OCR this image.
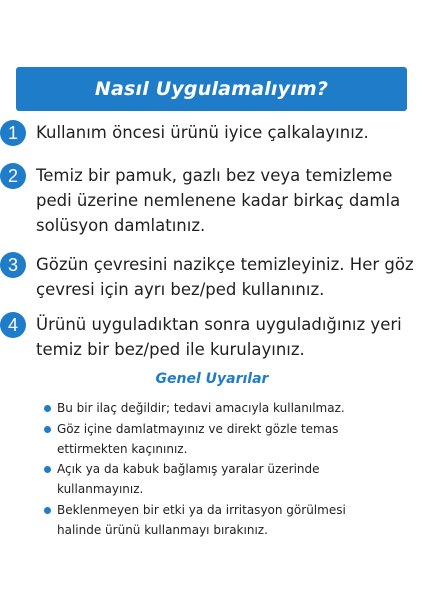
Nasıl Uygulamalıyım?
1	Kullanım öncesi ürünü iyice çalkalayınız.
2	Temiz bir pamuk, gazlı bez veya temizleme pedi üzerine nemlenene kadar birkaç damla solüsyon damlatınız.
3	Gözün çevresini nazikçe temizleyiniz. Her göz çevresi için ayrı bez/ped kullanınız.
4	Ürünü uyguladıktan sonra uyguladığınız yeri temiz bir bez/ped ile kurulayınız.
Genel Uyarılar
Bu bir ilaç değildir; tedavi amacıyla kullanılmaz.
Göz içine damlatmayınız ve direkt gözle temas ettirmekten kaçınınız.
Açık ya da kabuk bağlamış yaralar üzerinde kullanmayınız.
Beklenmeyen bir etki ya da irritasyon görülmesi halinde ürünü kullanmayı bırakınız.
